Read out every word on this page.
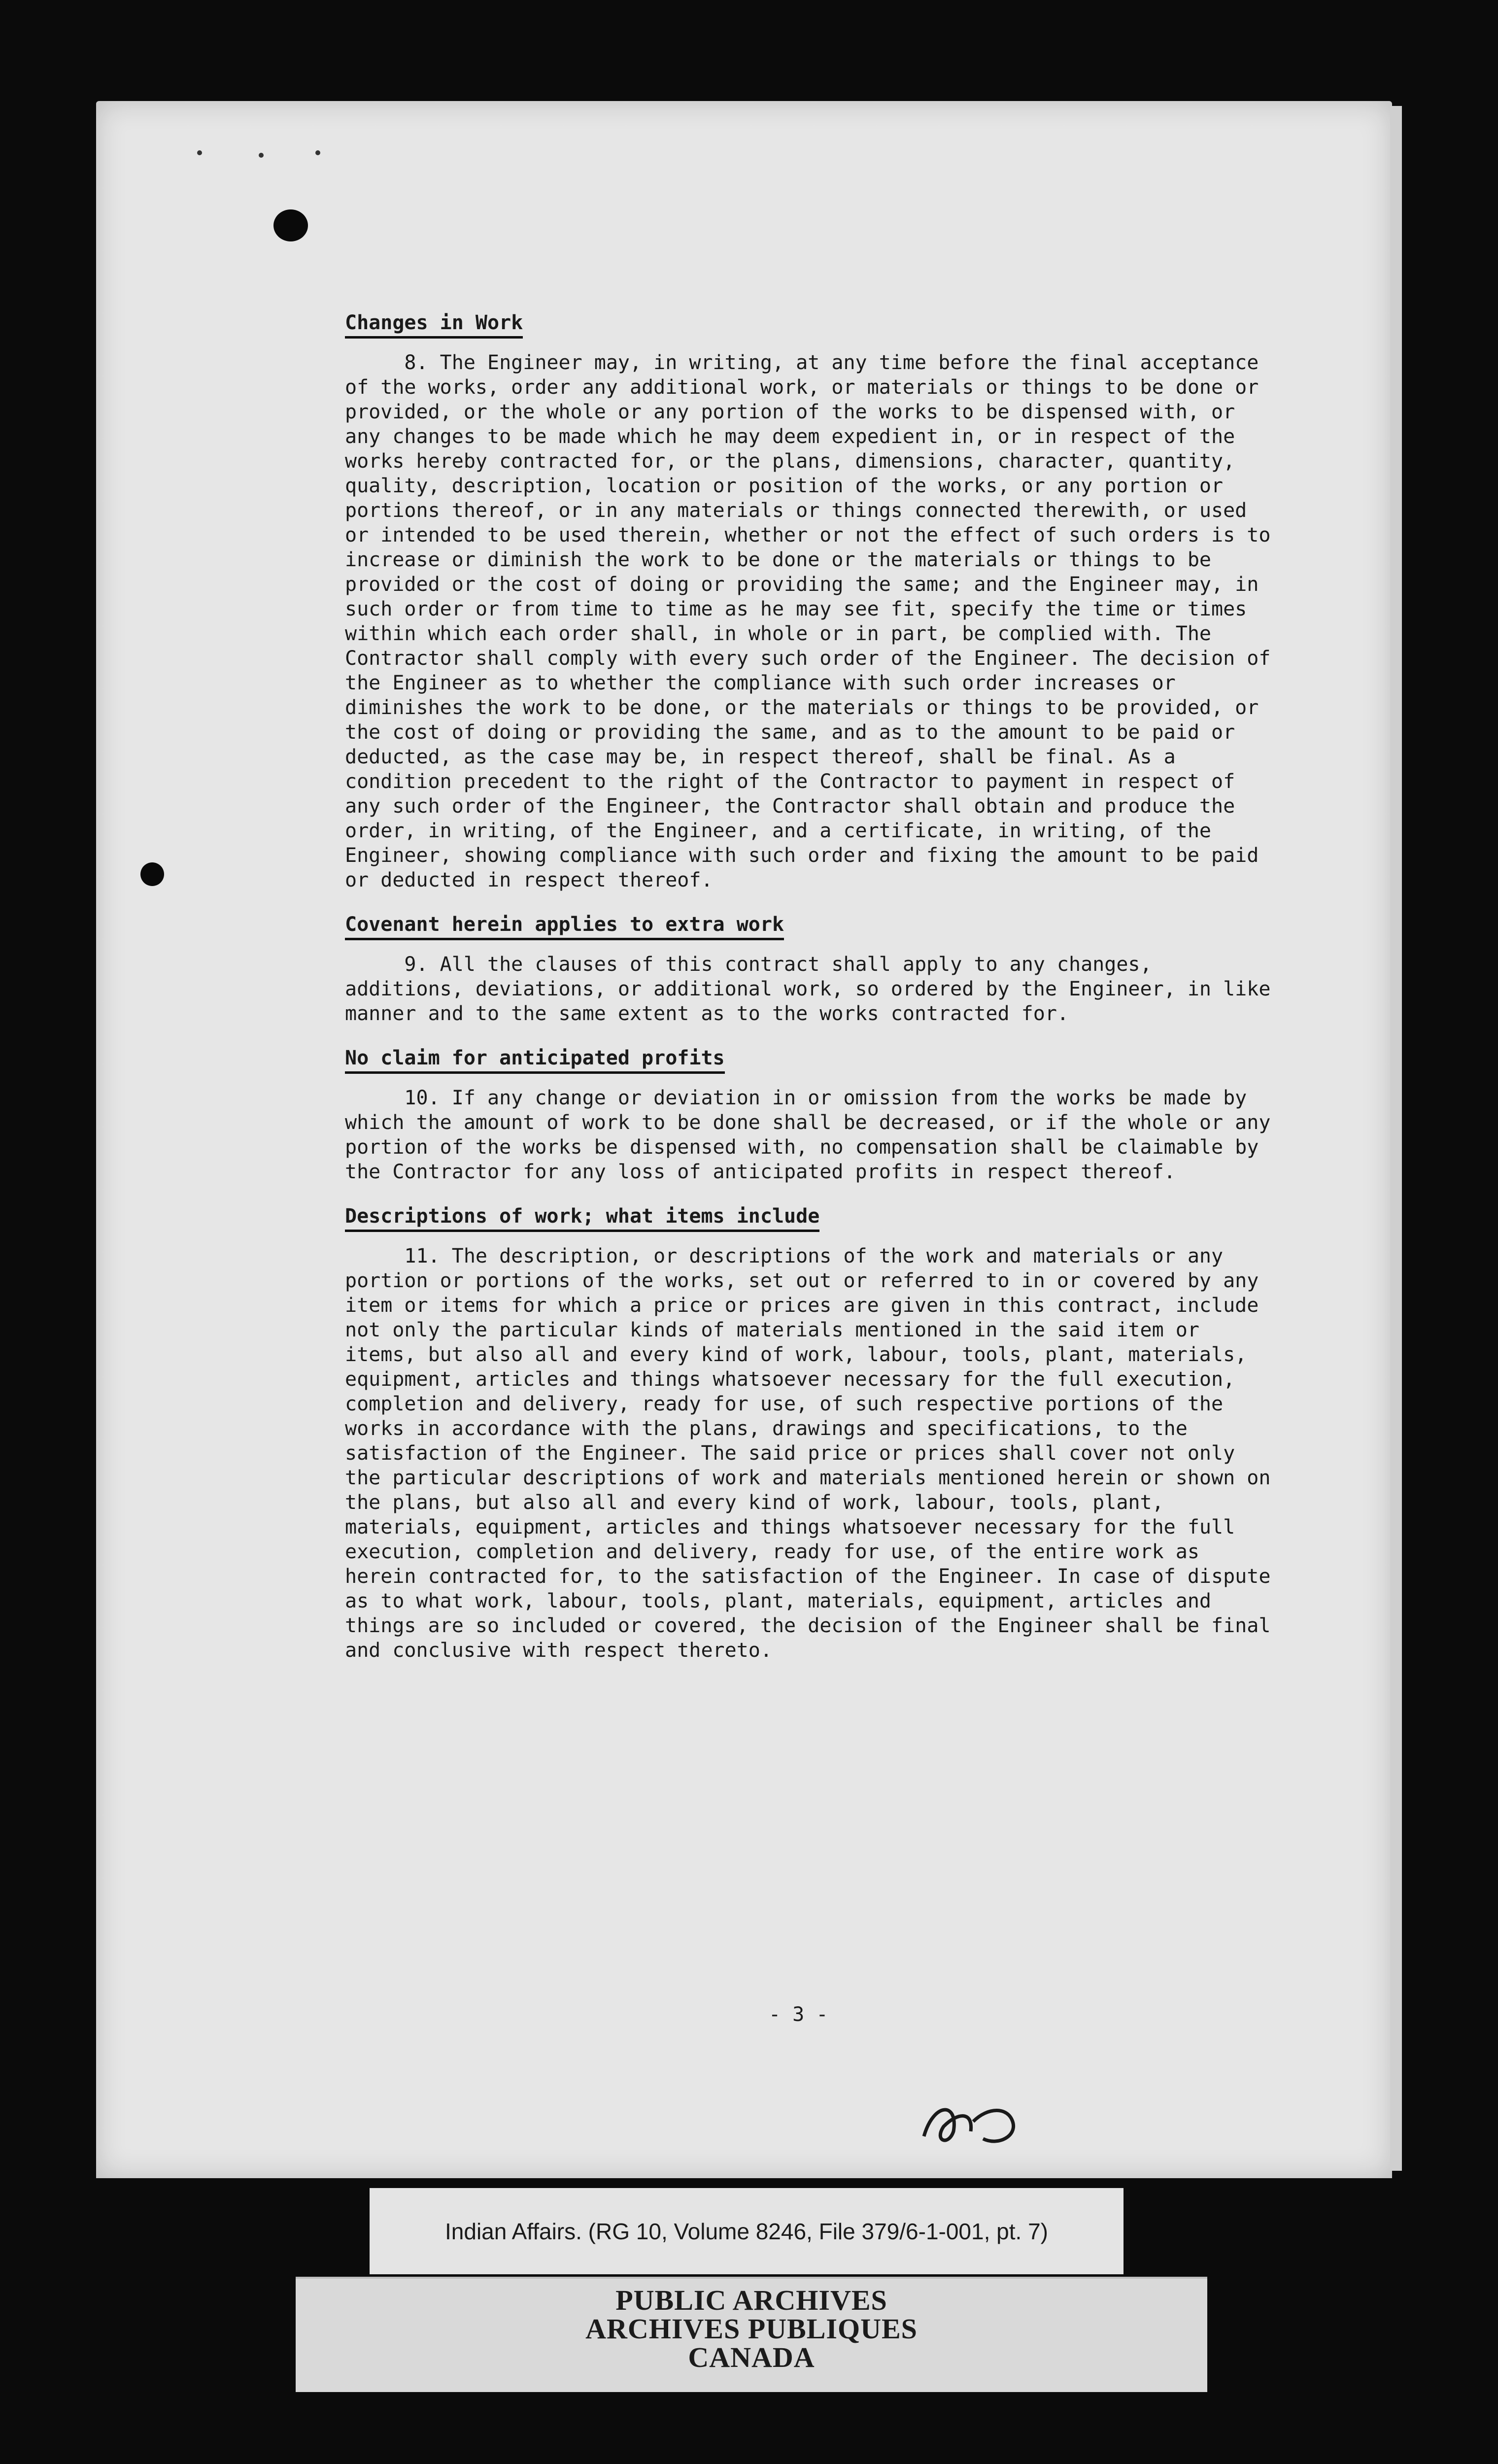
Changes in Work

8. The Engineer may, in writing, at any time before the final acceptance of the works, order any additional work, or materials or things to be done or provided, or the whole or any portion of the works to be dispensed with, or any changes to be made which he may deem expedient in, or in respect of the works hereby contracted for, or the plans, dimensions, character, quantity, quality, description, location or position of the works, or any portion or portions thereof, or in any materials or things connected therewith, or used or intended to be used therein, whether or not the effect of such orders is to increase or diminish the work to be done or the materials or things to be provided or the cost of doing or providing the same; and the Engineer may, in such order or from time to time as he may see fit, specify the time or times within which each order shall, in whole or in part, be complied with. The Contractor shall comply with every such order of the Engineer. The decision of the Engineer as to whether the compliance with such order increases or diminishes the work to be done, or the materials or things to be provided, or the cost of doing or providing the same, and as to the amount to be paid or deducted, as the case may be, in respect thereof, shall be final. As a condition precedent to the right of the Contractor to payment in respect of any such order of the Engineer, the Contractor shall obtain and produce the order, in writing, of the Engineer, and a certificate, in writing, of the Engineer, showing compliance with such order and fixing the amount to be paid or deducted in respect thereof.

Covenant herein applies to extra work

9. All the clauses of this contract shall apply to any changes, additions, deviations, or additional work, so ordered by the Engineer, in like manner and to the same extent as to the works contracted for.

No claim for anticipated profits

10. If any change or deviation in or omission from the works be made by which the amount of work to be done shall be decreased, or if the whole or any portion of the works be dispensed with, no compensation shall be claimable by the Contractor for any loss of anticipated profits in respect thereof.

Descriptions of work; what items include

11. The description, or descriptions of the work and materials or any portion or portions of the works, set out or referred to in or covered by any item or items for which a price or prices are given in this contract, include not only the particular kinds of materials mentioned in the said item or items, but also all and every kind of work, labour, tools, plant, materials, equipment, articles and things whatsoever necessary for the full execution, completion and delivery, ready for use, of such respective portions of the works in accordance with the plans, drawings and specifications, to the satisfaction of the Engineer. The said price or prices shall cover not only the particular descriptions of work and materials mentioned herein or shown on the plans, but also all and every kind of work, labour, tools, plant, materials, equipment, articles and things whatsoever necessary for the full execution, completion and delivery, ready for use, of the entire work as herein contracted for, to the satisfaction of the Engineer. In case of dispute as to what work, labour, tools, plant, materials, equipment, articles and things are so included or covered, the decision of the Engineer shall be final and conclusive with respect thereto.

- 3 -
Indian Affairs. (RG 10, Volume 8246, File 379/6-1-001, pt. 7)
PUBLIC ARCHIVES
ARCHIVES PUBLIQUES
CANADA
